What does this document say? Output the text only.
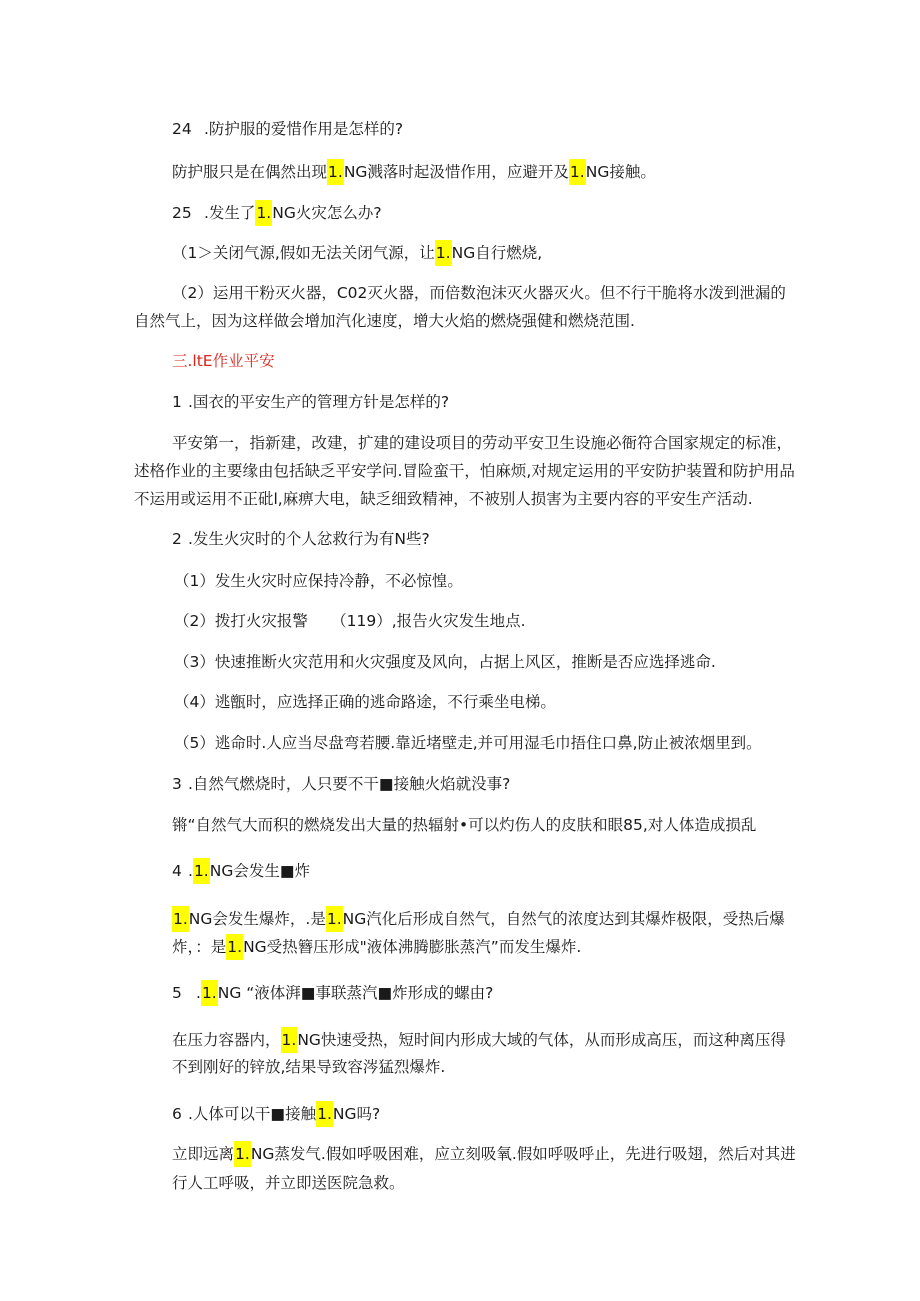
24 .防护服的爱惜作用是怎样的?
防护服只是在偶然出现1.NG溅落时起汲惜作用，应避开及1.NG接触。
25 .发生了1.NG火灾怎么办?
（1＞关闭气源,假如无法关闭气源，让1.NG自行燃烧,
（2）运用干粉灭火器，C02灭火器，而倍数泡沫灭火器灭火。但不行干脆将水泼到泄漏的
自然气上，因为这样做会增加汽化速度，增大火焰的燃烧强健和燃烧范围.
三.ltE作业平安
1 .国衣的平安生产的管理方针是怎样的?
平安第一，指新建，改建，扩建的建设项目的劳动平安卫生设施必衙符合国家规定的标准，
述格作业的主要缘由包括缺乏平安学问.冒险蛮干，怕麻烦,对规定运用的平安防护装置和防护用品
不运用或运用不正砒l,麻痹大电，缺乏细致精神，不被别人损害为主要内容的平安生产活动.
2 .发生火灾时的个人忿救行为有N些?
（1）发生火灾时应保持冷静，不必惊惶。
（2）拨打火灾报警　　（119）,报告火灾发生地点.
（3）快速推断火灾范用和火灾强度及风向，占据上风区，推断是否应选择逃命.
（4）逃甑时，应选择正确的逃命路途，不行乘坐电梯。
（5）逃命时.人应当尽盘弯若腰.靠近堵壁走,并可用湿毛巾捂住口鼻,防止被浓烟里到。
3 .自然气燃烧时，人只要不干■接触火焰就没事?
锵“自然气大而积的燃烧发出大量的热辐射•可以灼伤人的皮肤和眼85,对人体造成损乱
4 .1.NG会发生■炸
1.NG会发生爆炸，.是1.NG汽化后形成自然气，自然气的浓度达到其爆炸极限，受热后爆
炸，：是1.NG受热簪压形成"液体沸腾膨胀蒸汽”而发生爆炸.
5 .1.NG “液体湃■事联蒸汽■炸形成的螺由?
在压力容器内，1.NG快速受热，短时间内形成大域的气体，从而形成高压，而这种离压得
不到刚好的锌放,结果导致容涔猛烈爆炸.
6 .人体可以干■接触1.NG吗?
立即远离1.NG蒸发气.假如呼吸困难，应立刻吸氧.假如呼吸呼止，先进行吸翅，然后对其进
行人工呼吸，并立即送医院急救。
